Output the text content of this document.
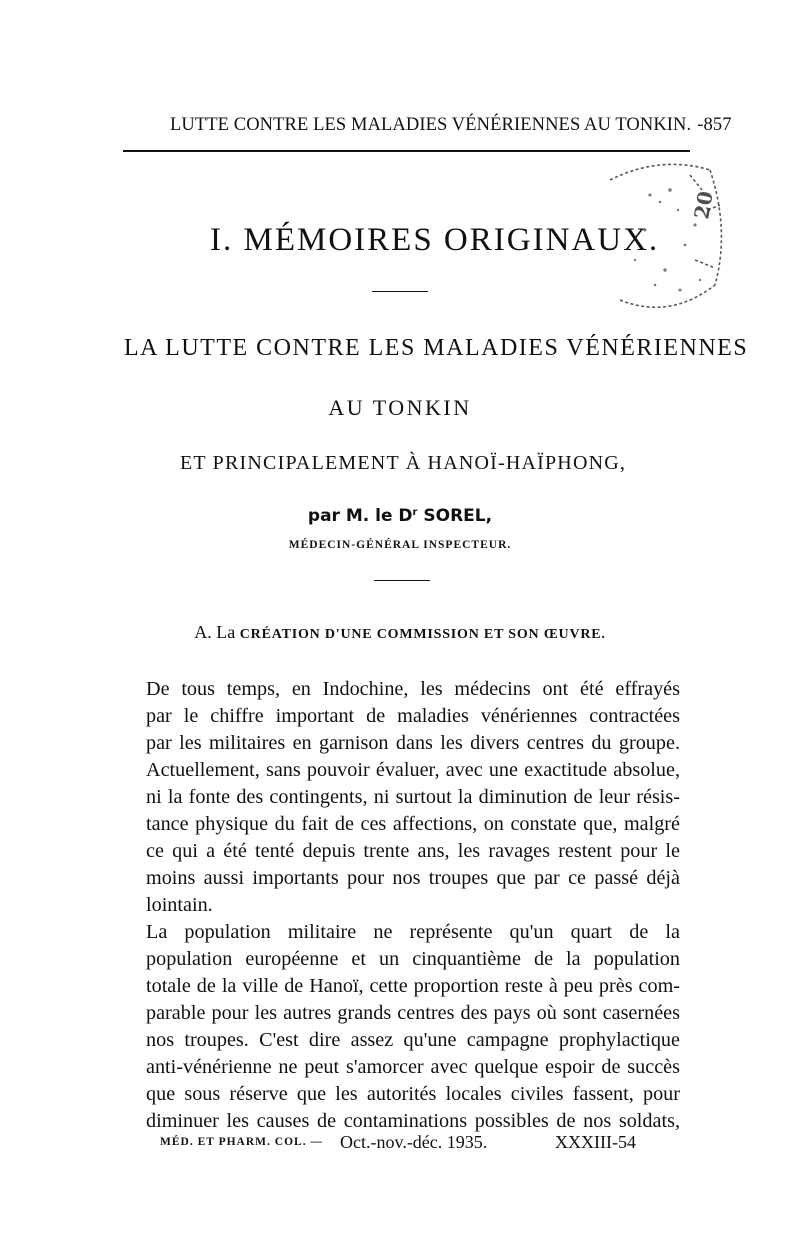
LUTTE CONTRE LES MALADIES VÉNÉRIENNES AU TONKIN. -857
20
I. MÉMOIRES ORIGINAUX.
LA LUTTE CONTRE LES MALADIES VÉNÉRIENNES
AU TONKIN
ET PRINCIPALEMENT À HANOÏ-HAÏPHONG,
par M. le $D^r$ SOREL,
MÉDECIN-GÉNÉRAL INSPECTEUR.
A. La CRÉATION D'UNE COMMISSION ET SON ŒUVRE.
De tous temps, en Indochine, les médecins ont été effrayés
par le chiffre important de maladies vénériennes contractées
par les militaires en garnison dans les divers centres du groupe.
Actuellement, sans pouvoir évaluer, avec une exactitude absolue,
ni la fonte des contingents, ni surtout la diminution de leur résis-
tance physique du fait de ces affections, on constate que, malgré
ce qui a été tenté depuis trente ans, les ravages restent pour le
moins aussi importants pour nos troupes que par ce passé déjà
lointain.
La population militaire ne représente qu'un quart de la
population européenne et un cinquantième de la population
totale de la ville de Hanoï, cette proportion reste à peu près com-
parable pour les autres grands centres des pays où sont casernées
nos troupes. C'est dire assez qu'une campagne prophylactique
anti-vénérienne ne peut s'amorcer avec quelque espoir de succès
que sous réserve que les autorités locales civiles fassent, pour
diminuer les causes de contaminations possibles de nos soldats,
MÉD. ET PHARM. COL. — Oct.-nov.-déc. 1935.	XXXIII-54
